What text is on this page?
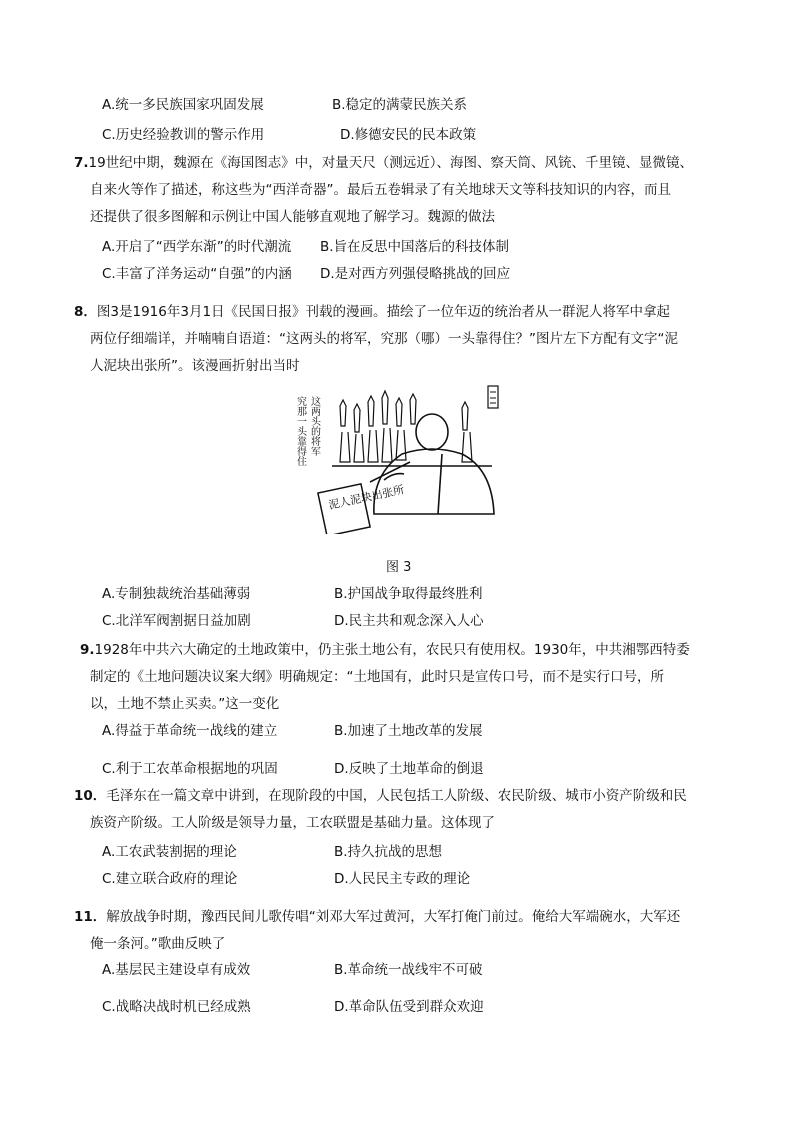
A.统一多民族国家巩固发展	B.稳定的满蒙民族关系
C.历史经验教训的警示作用	D.修德安民的民本政策
7.19世纪中期，魏源在《海国图志》中，对量天尺（测远近）、海图、察天筒、风铳、千里镜、显微镜、
自来火等作了描述，称这些为“西洋奇器”。最后五卷辑录了有关地球天文等科技知识的内容，而且
还提供了很多图解和示例让中国人能够直观地了解学习。魏源的做法
A.开启了“西学东渐”的时代潮流 B.旨在反思中国落后的科技体制
C.丰富了洋务运动“自强”的内涵 D.是对西方列强侵略挑战的回应
8．图3是1916年3月1日《民国日报》刊载的漫画。描绘了一位年迈的统治者从一群泥人将军中拿起
两位仔细端详，并喃喃自语道：“这两头的将军，究那（哪）一头靠得住？”图片左下方配有文字“泥
人泥块出张所”。该漫画折射出当时
究那一头靠得住 这两头的将军
泥人泥块出张所
图 3
A.专制独裁统治基础薄弱	B.护国战争取得最终胜利
C.北洋军阀割据日益加剧	D.民主共和观念深入人心
9.1928年中共六大确定的土地政策中，仍主张土地公有，农民只有使用权。1930年，中共湘鄂西特委
制定的《土地问题决议案大纲》明确规定：“土地国有，此时只是宣传口号，而不是实行口号，所
以，土地不禁止买卖。”这一变化
A.得益于革命统一战线的建立	B.加速了土地改革的发展
C.利于工农革命根据地的巩固	D.反映了土地革命的倒退
10．毛泽东在一篇文章中讲到，在现阶段的中国，人民包括工人阶级、农民阶级、城市小资产阶级和民
族资产阶级。工人阶级是领导力量，工农联盟是基础力量。这体现了
A.工农武装割据的理论	B.持久抗战的思想
C.建立联合政府的理论	D.人民民主专政的理论
11．解放战争时期，豫西民间儿歌传唱“刘邓大军过黄河，大军打俺门前过。俺给大军端碗水，大军还
俺一条河。”歌曲反映了
A.基层民主建设卓有成效	B.革命统一战线牢不可破
C.战略决战时机已经成熟	D.革命队伍受到群众欢迎
